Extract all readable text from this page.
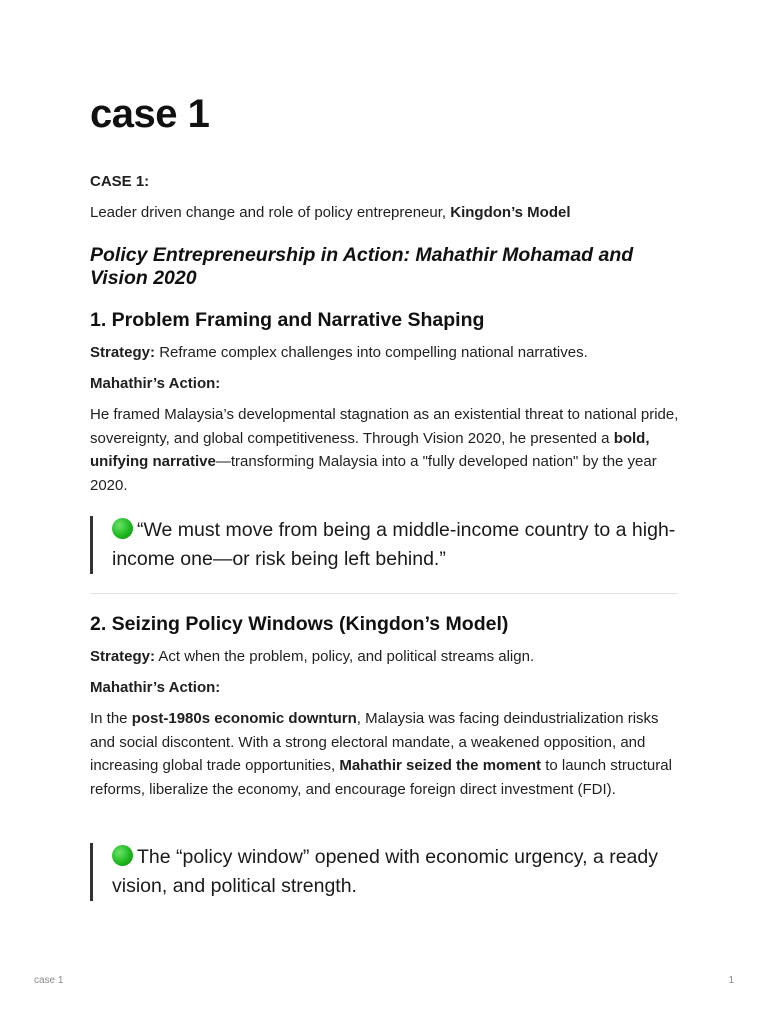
case 1

CASE 1:

Leader driven change and role of policy entrepreneur, Kingdon’s Model

Policy Entrepreneurship in Action: Mahathir Mohamad and Vision 2020

1. Problem Framing and Narrative Shaping

Strategy: Reframe complex challenges into compelling national narratives.

Mahathir’s Action:

He framed Malaysia’s developmental stagnation as an existential threat to national pride, sovereignty, and global competitiveness. Through Vision 2020, he presented a bold, unifying narrative—transforming Malaysia into a "fully developed nation" by the year 2020.

“We must move from being a middle-income country to a high-income one—or risk being left behind.”
2. Seizing Policy Windows (Kingdon’s Model)

Strategy: Act when the problem, policy, and political streams align.

Mahathir’s Action:

In the post-1980s economic downturn, Malaysia was facing deindustrialization risks and social discontent. With a strong electoral mandate, a weakened opposition, and increasing global trade opportunities, Mahathir seized the moment to launch structural reforms, liberalize the economy, and encourage foreign direct investment (FDI).

The “policy window” opened with economic urgency, a ready vision, and political strength.
case 1	1
